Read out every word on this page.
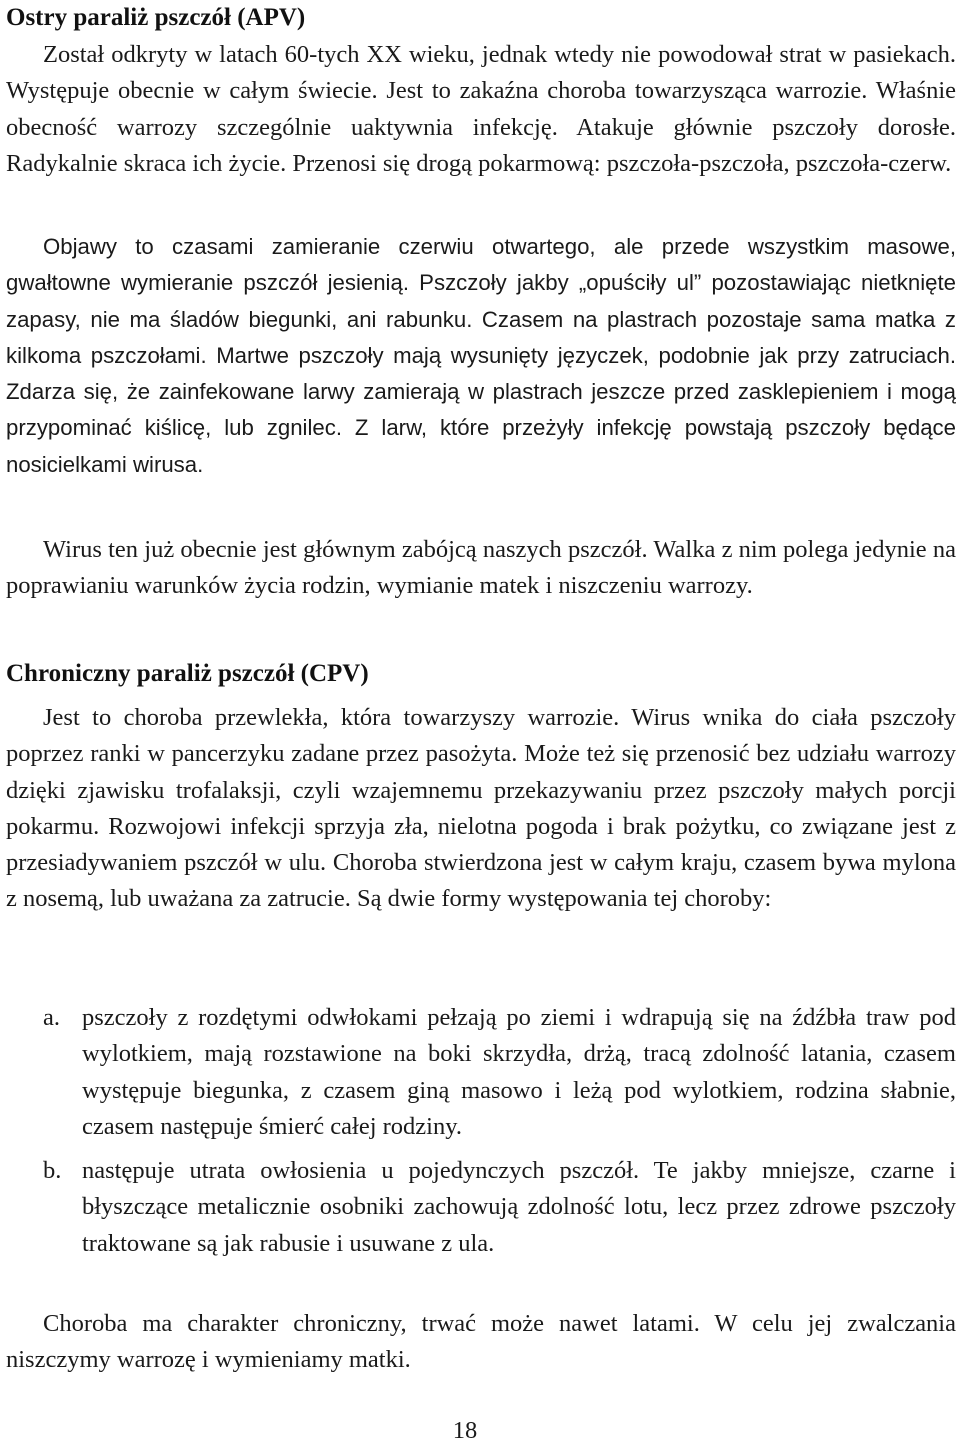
Ostry paraliż pszczół (APV)

Został odkryty w latach 60-tych XX wieku, jednak wtedy nie powodował strat w pasiekach. Występuje obecnie w całym świecie. Jest to zakaźna choroba towarzysząca warrozie. Właśnie obecność warrozy szczególnie uaktywnia infekcję. Atakuje głównie pszczoły dorosłe. Radykalnie skraca ich życie. Przenosi się drogą pokarmową: pszczoła-pszczoła, pszczoła-czerw.

Objawy to czasami zamieranie czerwiu otwartego, ale przede wszystkim masowe, gwałtowne wymieranie pszczół jesienią. Pszczoły jakby „opuściły ul” pozostawiając nietknięte zapasy, nie ma śladów biegunki, ani rabunku. Czasem na plastrach pozostaje sama matka z kilkoma pszczołami. Martwe pszczoły mają wysunięty języczek, podobnie jak przy zatruciach. Zdarza się, że zainfekowane larwy zamierają w plastrach jeszcze przed zasklepieniem i mogą przypominać kiślicę, lub zgnilec. Z larw, które przeżyły infekcję powstają pszczoły będące nosicielkami wirusa.

Wirus ten już obecnie jest głównym zabójcą naszych pszczół. Walka z nim polega jedynie na poprawianiu warunków życia rodzin, wymianie matek i niszczeniu warrozy.

Chroniczny paraliż pszczół (CPV)

Jest to choroba przewlekła, która towarzyszy warrozie. Wirus wnika do ciała pszczoły poprzez ranki w pancerzyku zadane przez pasożyta. Może też się przenosić bez udziału warrozy dzięki zjawisku trofalaksji, czyli wzajemnemu przekazywaniu przez pszczoły małych porcji pokarmu. Rozwojowi infekcji sprzyja zła, nielotna pogoda i brak pożytku, co związane jest z przesiadywaniem pszczół w ulu. Choroba stwierdzona jest w całym kraju, czasem bywa mylona z nosemą, lub uważana za zatrucie. Są dwie formy występowania tej choroby:

a. pszczoły z rozdętymi odwłokami pełzają po ziemi i wdrapują się na źdźbła traw pod wylotkiem, mają rozstawione na boki skrzydła, drżą, tracą zdolność latania, czasem występuje biegunka, z czasem giną masowo i leżą pod wylotkiem, rodzina słabnie, czasem następuje śmierć całej rodziny.
b. następuje utrata owłosienia u pojedynczych pszczół. Te jakby mniejsze, czarne i błyszczące metalicznie osobniki zachowują zdolność lotu, lecz przez zdrowe pszczoły traktowane są jak rabusie i usuwane z ula.

Choroba ma charakter chroniczny, trwać może nawet latami. W celu jej zwalczania niszczymy warrozę i wymieniamy matki.

18
